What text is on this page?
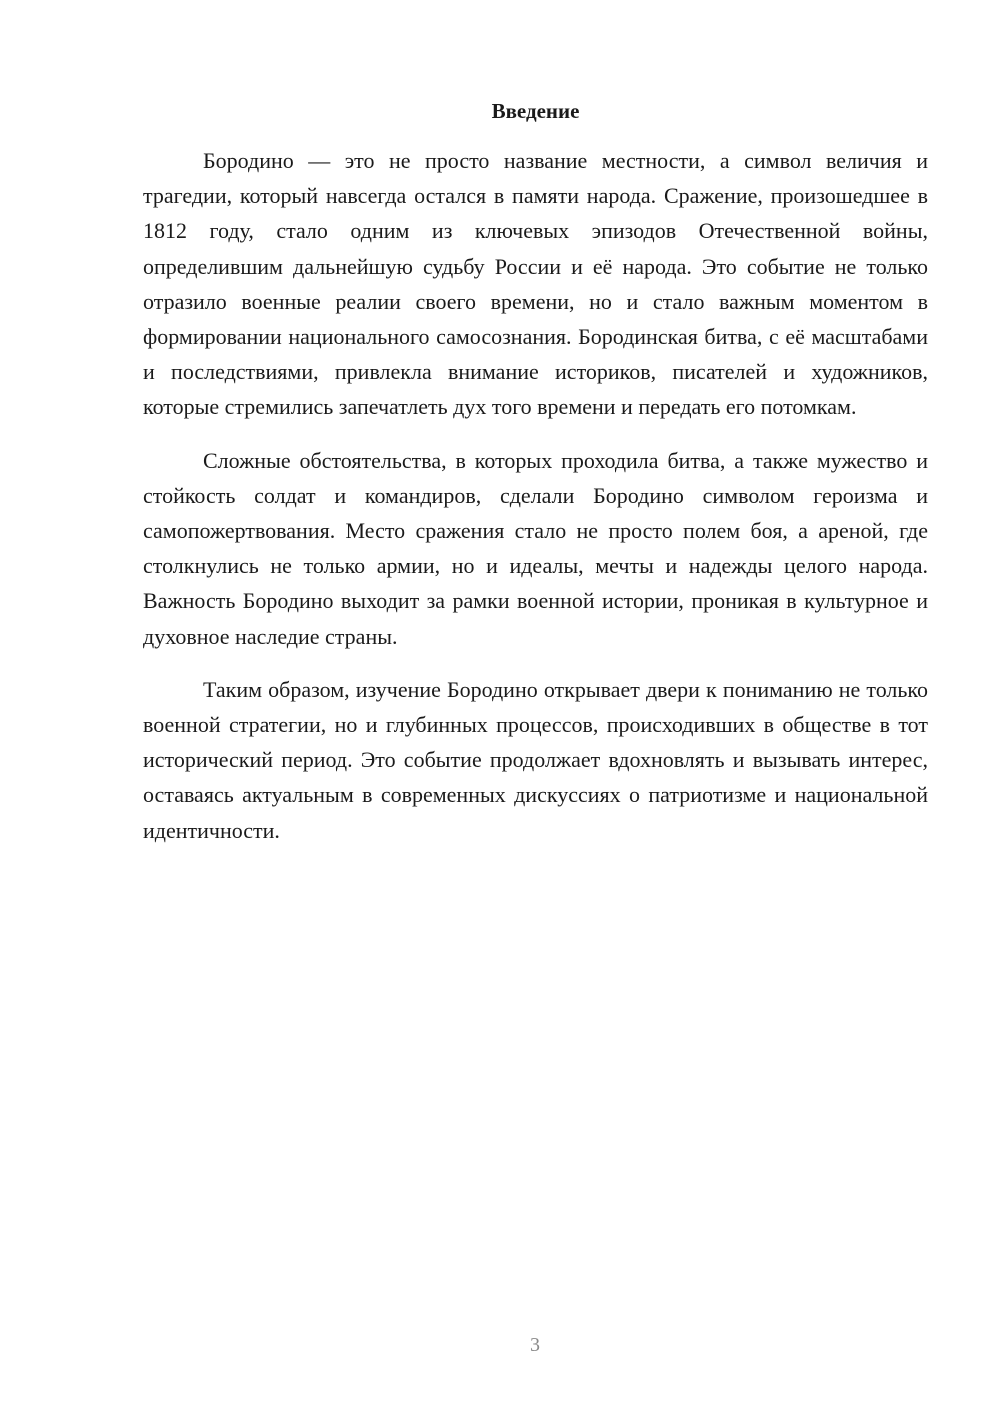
Введение

Бородино — это не просто название местности, а символ величия и трагедии, который навсегда остался в памяти народа. Сражение, произошедшее в 1812 году, стало одним из ключевых эпизодов Отечественной войны, определившим дальнейшую судьбу России и её народа. Это событие не только отразило военные реалии своего времени, но и стало важным моментом в формировании национального самосознания. Бородинская битва, с её масштабами и последствиями, привлекла внимание историков, писателей и художников, которые стремились запечатлеть дух того времени и передать его потомкам.

Сложные обстоятельства, в которых проходила битва, а также мужество и стойкость солдат и командиров, сделали Бородино символом героизма и самопожертвования. Место сражения стало не просто полем боя, а ареной, где столкнулись не только армии, но и идеалы, мечты и надежды целого народа. Важность Бородино выходит за рамки военной истории, проникая в культурное и духовное наследие страны.

Таким образом, изучение Бородино открывает двери к пониманию не только военной стратегии, но и глубинных процессов, происходивших в обществе в тот исторический период. Это событие продолжает вдохновлять и вызывать интерес, оставаясь актуальным в современных дискуссиях о патриотизме и национальной идентичности.

3
